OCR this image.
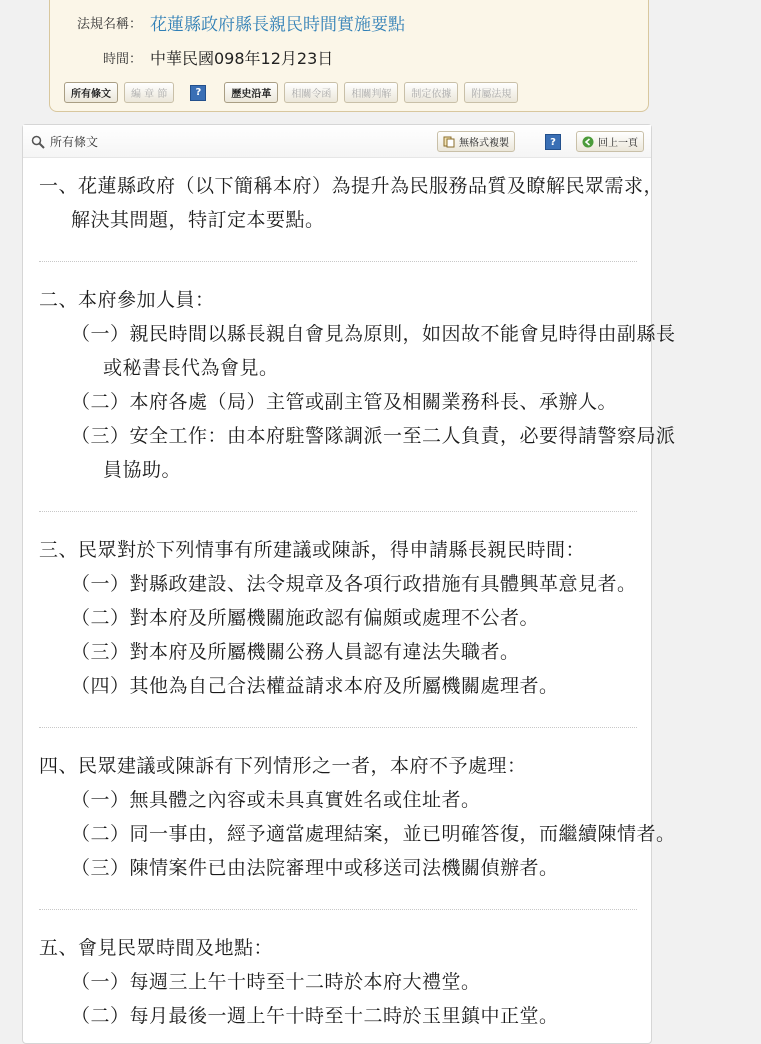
法規名稱： 花蓮縣政府縣長親民時間實施要點
時間： 中華民國098年12月23日
所有條文	編 章 節	?	歷史沿革	相關令函	相關判解	制定依據	附屬法規
所有條文	無格式複製	?	回上一頁
一、花蓮縣政府（以下簡稱本府）為提升為民服務品質及瞭解民眾需求，
解決其問題，特訂定本要點。
二、本府參加人員：
（一）親民時間以縣長親自會見為原則，如因故不能會見時得由副縣長
或秘書長代為會見。
（二）本府各處（局）主管或副主管及相關業務科長、承辦人。
（三）安全工作：由本府駐警隊調派一至二人負責，必要得請警察局派
員協助。
三、民眾對於下列情事有所建議或陳訴，得申請縣長親民時間：
（一）對縣政建設、法令規章及各項行政措施有具體興革意見者。
（二）對本府及所屬機關施政認有偏頗或處理不公者。
（三）對本府及所屬機關公務人員認有違法失職者。
（四）其他為自己合法權益請求本府及所屬機關處理者。
四、民眾建議或陳訴有下列情形之一者，本府不予處理：
（一）無具體之內容或未具真實姓名或住址者。
（二）同一事由，經予適當處理結案，並已明確答復，而繼續陳情者。
（三）陳情案件已由法院審理中或移送司法機關偵辦者。
五、會見民眾時間及地點：
（一）每週三上午十時至十二時於本府大禮堂。
（二）每月最後一週上午十時至十二時於玉里鎮中正堂。
